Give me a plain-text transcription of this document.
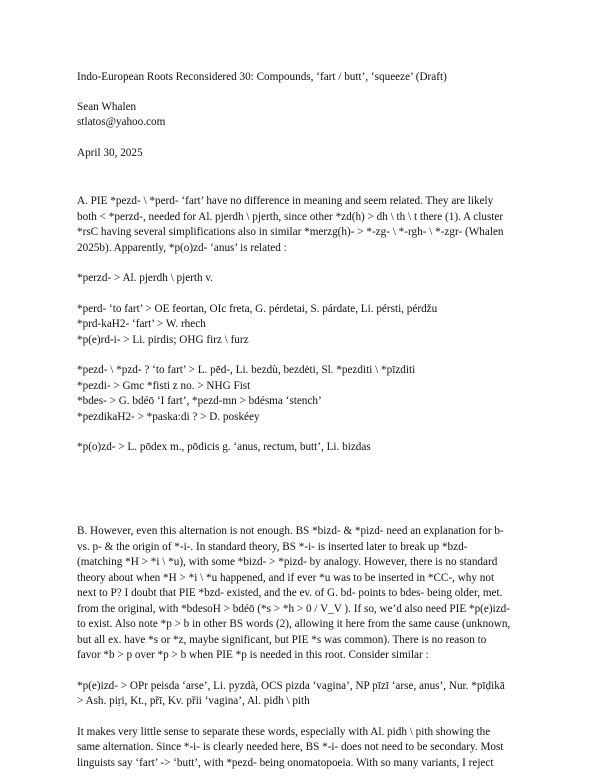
Indo-European Roots Reconsidered 30: Compounds, ‘fart / butt’, ‘squeeze’ (Draft)

Sean Whalen

stlatos@yahoo.com

April 30, 2025

A. PIE *pezd- \ *perd- ‘fart’ have no difference in meaning and seem related. They are likely
both < *perzd-, needed for Al. pjerdh \ pjerth, since other *zd(h) > dh \ th \ t there (1). A cluster
*rsC having several simplifications also in similar *merzg(h)- > *-zg- \ *-rgh- \ *-zgr- (Whalen
2025b). Apparently, *p(o)zd- ‘anus’ is related :
*perzd- > Al. pjerdh \ pjerth v.
*perd- ‘to fart’ > OE feortan, OIc freta, G. pérdetai, S. párdate, Li. pérsti, pérdžu
*prd-kaH2- ‘fart’ > W. rhech
*p(e)rd-i- > Li. pirdis; OHG firz \ furz
*pezd- \ *pzd- ? ‘to fart’ > L. pēd-, Li. bezdù, bezdėti, Sl. *pezditi \ *pīzditi
*pezdi- > Gmc *fisti z no. > NHG Fist
*bdes- > G. bdéō ‘I fart’, *pezd-mn > bdésma ‘stench’
*pezdikaH2- > *paska:di ? > D. poskéey
*p(o)zd- > L. pōdex m., pōdicis g. ‘anus, rectum, butt’, Li. bizdas
B. However, even this alternation is not enough. BS *bizd- & *pizd- need an explanation for b-
vs. p- & the origin of *-i-. In standard theory, BS *-i- is inserted later to break up *bzd-
(matching *H > *i \ *u), with some *bizd- > *pizd- by analogy. However, there is no standard
theory about when *H > *i \ *u happened, and if ever *u was to be inserted in *CC-, why not
next to P? I doubt that PIE *bzd- existed, and the ev. of G. bd- points to bdes- being older, met.
from the original, with *bdesoH > bdéō (*s > *h > 0 / V_V ). If so, we’d also need PIE *p(e)izd-
to exist. Also note *p > b in other BS words (2), allowing it here from the same cause (unknown,
but all ex. have *s or *z, maybe significant, but PIE *s was common). There is no reason to
favor *b > p over *p > b when PIE *p is needed in this root. Consider similar :
*p(e)izd- > OPr peisda ‘arse’, Li. pyzdà, OCS pizda ‘vagina’, NP pīzī ‘arse, anus’, Nur. *pīḍikā
> Ash. piṛi, Kt., přī, Kv. přii ‘vagina’, Al. pidh \ pith
It makes very little sense to separate these words, especially with Al. pidh \ pith showing the
same alternation. Since *-i- is clearly needed here, BS *-i- does not need to be secondary. Most
linguists say ‘fart’ -> ‘butt’, with *pezd- being onomatopoeia. With so many variants, I reject
